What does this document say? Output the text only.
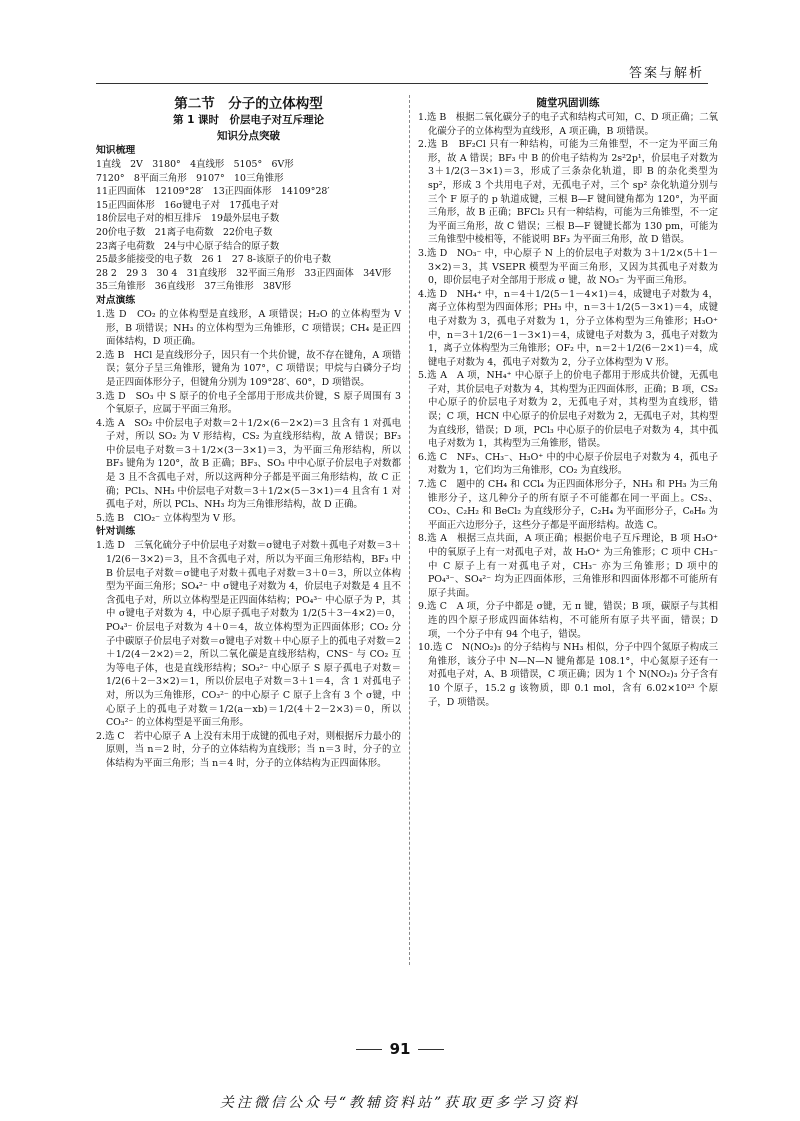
答案与解析
第二节　分子的立体构型
第 1 课时　价层电子对互斥理论
知识分点突破
知识梳理

1直线　2V　3180°　4直线形　5105°　6V形

7120°　8平面三角形　9107°　10三角锥形

11正四面体　12109°28′　13正四面体形　14109°28′

15正四面体形　16σ键电子对　17孤电子对

18价层电子对的相互排斥　19最外层电子数

20价电子数　21离子电荷数　22价电子数

23离子电荷数　24与中心原子结合的原子数

25最多能接受的电子数　26 1　27 8-该原子的价电子数

28 2　29 3　30 4　31直线形　32平面三角形　33正四面体　34V形　35三角锥形　36直线形　37三角锥形　38V形

对点演练

1.选 D　CO₂ 的立体构型是直线形，A 项错误；H₂O 的立体构型为 V 形，B 项错误；NH₃ 的立体构型为三角锥形，C 项错误；CH₄ 是正四面体结构，D 项正确。

2.选 B　HCl 是直线形分子，因只有一个共价键，故不存在键角，A 项错误；氨分子呈三角锥形，键角为 107°，C 项错误；甲烷与白磷分子均是正四面体形分子，但键角分别为 109°28′、60°，D 项错误。

3.选 D　SO₃ 中 S 原子的价电子全部用于形成共价键，S 原子周围有 3 个氧原子，应属于平面三角形。

4.选 A　SO₂ 中价层电子对数＝2＋1/2×(6－2×2)＝3 且含有 1 对孤电子对，所以 SO₂ 为 V 形结构，CS₂ 为直线形结构，故 A 错误；BF₃ 中价层电子对数＝3＋1/2×(3－3×1)＝3，为平面三角形结构，所以 BF₃ 键角为 120°，故 B 正确；BF₃、SO₃ 中中心原子价层电子对数都是 3 且不含孤电子对，所以这两种分子都是平面三角形结构，故 C 正确；PCl₃、NH₃ 中价层电子对数＝3＋1/2×(5－3×1)＝4 且含有 1 对孤电子对，所以 PCl₃、NH₃ 均为三角锥形结构，故 D 正确。

5.选 B　ClO₂⁻ 立体构型为 V 形。

针对训练

1.选 D　三氧化硫分子中价层电子对数＝σ键电子对数＋孤电子对数＝3＋1/2(6－3×2)＝3，且不含孤电子对，所以为平面三角形结构，BF₃ 中 B 价层电子对数＝σ键电子对数＋孤电子对数＝3＋0＝3，所以立体构型为平面三角形；SO₄²⁻ 中 σ键电子对数为 4，价层电子对数是 4 且不含孤电子对，所以立体构型是正四面体结构；PO₄³⁻ 中心原子为 P，其中 σ键电子对数为 4，中心原子孤电子对数为 1/2(5＋3－4×2)＝0，PO₄³⁻ 价层电子对数为 4＋0＝4，故立体构型为正四面体形；CO₂ 分子中碳原子价层电子对数＝σ键电子对数＋中心原子上的孤电子对数＝2＋1/2(4－2×2)＝2，所以二氧化碳是直线形结构，CNS⁻ 与 CO₂ 互为等电子体，也是直线形结构；SO₃²⁻ 中心原子 S 原子孤电子对数＝1/2(6＋2－3×2)＝1，所以价层电子对数＝3＋1＝4，含 1 对孤电子对，所以为三角锥形，CO₃²⁻ 的中心原子 C 原子上含有 3 个 σ键，中心原子上的孤电子对数＝1/2(a－xb)＝1/2(4＋2－2×3)＝0，所以 CO₃²⁻ 的立体构型是平面三角形。

2.选 C　若中心原子 A 上没有未用于成键的孤电子对，则根据斥力最小的原则，当 n＝2 时，分子的立体结构为直线形；当 n＝3 时，分子的立体结构为平面三角形；当 n＝4 时，分子的立体结构为正四面体形。

随堂巩固训练

1.选 B　根据二氧化碳分子的电子式和结构式可知，C、D 项正确；二氧化碳分子的立体构型为直线形，A 项正确，B 项错误。

2.选 B　BF₂Cl 只有一种结构，可能为三角锥型，不一定为平面三角形，故 A 错误；BF₃ 中 B 的价电子结构为 2s²2p¹，价层电子对数为 3＋1/2(3－3×1)＝3，形成了三条杂化轨道，即 B 的杂化类型为 sp²，形成 3 个共用电子对，无孤电子对，三个 sp² 杂化轨道分别与三个 F 原子的 p 轨道成键，三根 B—F 键间键角都为 120°，为平面三角形，故 B 正确；BFCl₂ 只有一种结构，可能为三角锥型，不一定为平面三角形，故 C 错误；三根 B—F 键键长都为 130 pm，可能为三角锥型中棱相等，不能说明 BF₃ 为平面三角形，故 D 错误。

3.选 D　NO₃⁻ 中，中心原子 N 上的价层电子对数为 3＋1/2×(5＋1－3×2)＝3，其 VSEPR 模型为平面三角形，又因为其孤电子对数为 0，即价层电子对全部用于形成 σ 键，故 NO₃⁻ 为平面三角形。

4.选 D　NH₄⁺ 中，n＝4＋1/2(5－1－4×1)＝4，成键电子对数为 4，离子立体构型为四面体形；PH₃ 中，n＝3＋1/2(5－3×1)＝4，成键电子对数为 3，孤电子对数为 1，分子立体构型为三角锥形；H₃O⁺ 中，n＝3＋1/2(6－1－3×1)＝4，成键电子对数为 3，孤电子对数为 1，离子立体构型为三角锥形；OF₂ 中，n＝2＋1/2(6－2×1)＝4，成键电子对数为 4，孤电子对数为 2，分子立体构型为 V 形。

5.选 A　A 项，NH₄⁺ 中心原子上的价电子都用于形成共价键，无孤电子对，其价层电子对数为 4，其构型为正四面体形，正确；B 项，CS₂ 中心原子的价层电子对数为 2，无孤电子对，其构型为直线形，错误；C 项，HCN 中心原子的价层电子对数为 2，无孤电子对，其构型为直线形，错误；D 项，PCl₃ 中心原子的价层电子对数为 4，其中孤电子对数为 1，其构型为三角锥形，错误。

6.选 C　NF₃、CH₃⁻、H₃O⁺ 中的中心原子价层电子对数为 4，孤电子对数为 1，它们均为三角锥形，CO₂ 为直线形。

7.选 C　题中的 CH₄ 和 CCl₄ 为正四面体形分子，NH₃ 和 PH₃ 为三角锥形分子，这几种分子的所有原子不可能都在同一平面上。CS₂、CO₂、C₂H₂ 和 BeCl₂ 为直线形分子，C₂H₄ 为平面形分子，C₆H₆ 为平面正六边形分子，这些分子都是平面形结构。故选 C。

8.选 A　根据三点共面，A 项正确；根据价电子互斥理论，B 项 H₃O⁺ 中的氧原子上有一对孤电子对，故 H₃O⁺ 为三角锥形；C 项中 CH₃⁻ 中 C 原子上有一对孤电子对，CH₃⁻ 亦为三角锥形；D 项中的 PO₄³⁻、SO₄²⁻ 均为正四面体形，三角锥形和四面体形都不可能所有原子共面。

9.选 C　A 项，分子中都是 σ键，无 π 键，错误；B 项，碳原子与其相连的四个原子形成四面体结构，不可能所有原子共平面，错误；D 项，一个分子中有 94 个电子，错误。

10.选 C　N(NO₂)₃ 的分子结构与 NH₃ 相似，分子中四个氮原子构成三角锥形，该分子中 N—N—N 键角都是 108.1°，中心氮原子还有一对孤电子对，A、B 项错误，C 项正确；因为 1 个 N(NO₂)₃ 分子含有 10 个原子，15.2 g 该物质，即 0.1 mol，含有 6.02×10²³ 个原子，D 项错误。

91
关注微信公众号“教辅资料站”获取更多学习资料
